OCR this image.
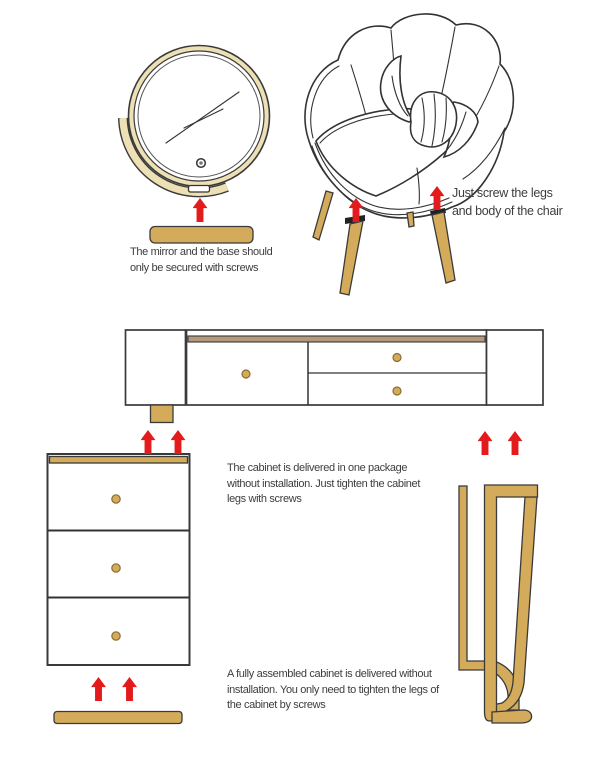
The mirror and the base should
only be secured with screws
Just screw the legs
and body of the chair
The cabinet is delivered in one package
without installation. Just tighten the cabinet
legs with screws
A fully assembled cabinet is delivered without
installation. You only need to tighten the legs of
the cabinet by screws
